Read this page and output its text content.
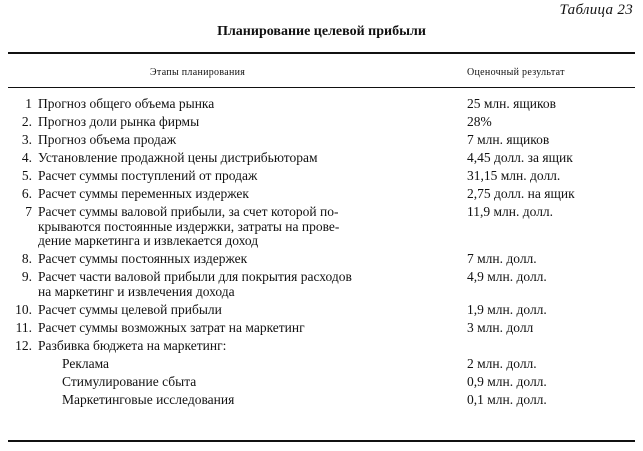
Таблица 23
Планирование целевой прибыли
Этапы планирования	Оценочный результат
1 Прогноз общего объема рынка	25 млн. ящиков
2. Прогноз доли рынка фирмы	28%
3. Прогноз объема продаж	7 млн. ящиков
4. Установление продажной цены дистрибьюторам	4,45 долл. за ящик
5. Расчет суммы поступлений от продаж	31,15 млн. долл.
6. Расчет суммы переменных издержек	2,75 долл. на ящик
7 Расчет суммы валовой прибыли, за счет которой по-
крываются постоянные издержки, затраты на прове-
дение маркетинга и извлекается доход
11,9 млн. долл.
8. Расчет суммы постоянных издержек	7 млн. долл.
9. Расчет части валовой прибыли для покрытия расходов
на маркетинг и извлечения дохода
4,9 млн. долл.
10. Расчет суммы целевой прибыли	1,9 млн. долл.
11. Расчет суммы возможных затрат на маркетинг	3 млн. долл
12. Разбивка бюджета на маркетинг:
Реклама	2 млн. долл.
Стимулирование сбыта	0,9 млн. долл.
Маркетинговые исследования	0,1 млн. долл.
